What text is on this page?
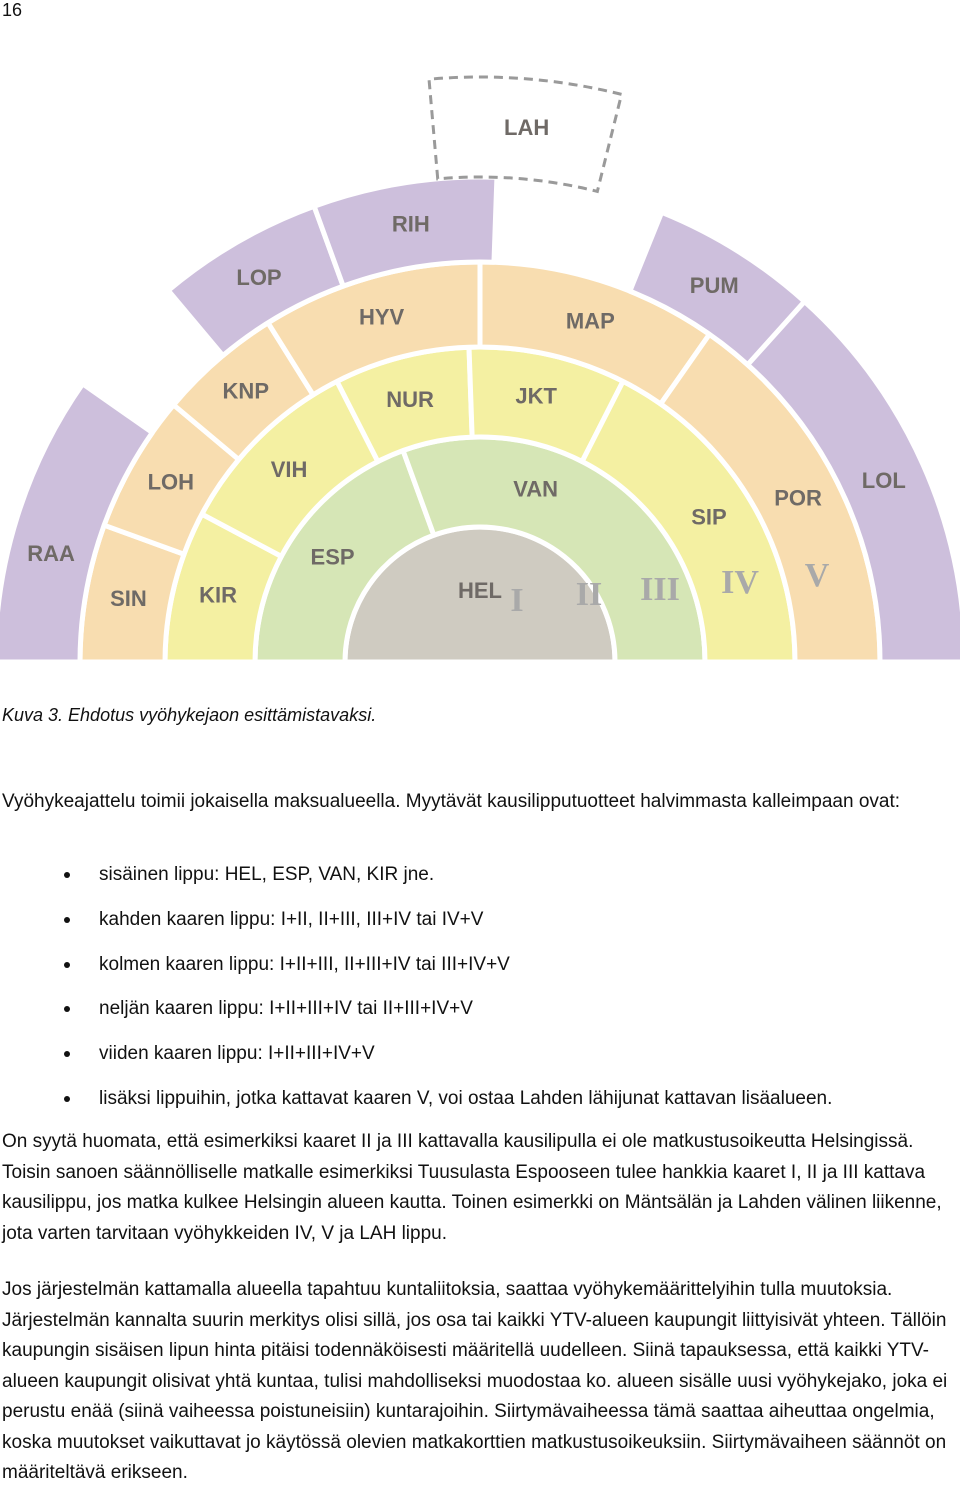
16
HEL
ESP
VAN
KIR
VIH
NUR	JKT
SIP
SIN
LOH
KNP
HYV	MAP
POR
RAA
LOP
RIH
PUM
LOL
LAH
I II III IV V
Kuva 3. Ehdotus vyöhykejaon esittämistavaksi.

Vyöhykeajattelu toimii jokaisella maksualueella. Myytävät kausilipputuotteet halvimmasta kalleimpaan ovat:

sisäinen lippu: HEL, ESP, VAN, KIR jne.
kahden kaaren lippu: I+II, II+III, III+IV tai IV+V
kolmen kaaren lippu: I+II+III, II+III+IV tai III+IV+V
neljän kaaren lippu: I+II+III+IV tai II+III+IV+V
viiden kaaren lippu: I+II+III+IV+V
lisäksi lippuihin, jotka kattavat kaaren V, voi ostaa Lahden lähijunat kattavan lisäalueen.

On syytä huomata, että esimerkiksi kaaret II ja III kattavalla kausilipulla ei ole matkustusoikeutta Helsingissä. Toisin sanoen säännölliselle matkalle esimerkiksi Tuusulasta Espooseen tulee hankkia kaaret I, II ja III kattava kausilippu, jos matka kulkee Helsingin alueen kautta. Toinen esimerkki on Mäntsälän ja Lahden välinen liikenne, jota varten tarvitaan vyöhykkeiden IV, V ja LAH lippu.

Jos järjestelmän kattamalla alueella tapahtuu kuntaliitoksia, saattaa vyöhykemäärittelyihin tulla muutoksia. Järjestelmän kannalta suurin merkitys olisi sillä, jos osa tai kaikki YTV-alueen kaupungit liittyisivät yhteen. Tällöin kaupungin sisäisen lipun hinta pitäisi todennäköisesti määritellä uudelleen. Siinä tapauksessa, että kaikki YTV-alueen kaupungit olisivat yhtä kuntaa, tulisi mahdolliseksi muodostaa ko. alueen sisälle uusi vyöhykejako, joka ei perustu enää (siinä vaiheessa poistuneisiin) kuntarajoihin. Siirtymävaiheessa tämä saattaa aiheuttaa ongelmia, koska muutokset vaikuttavat jo käytössä olevien matkakorttien matkustusoikeuksiin. Siirtymävaiheen säännöt on määriteltävä erikseen.
